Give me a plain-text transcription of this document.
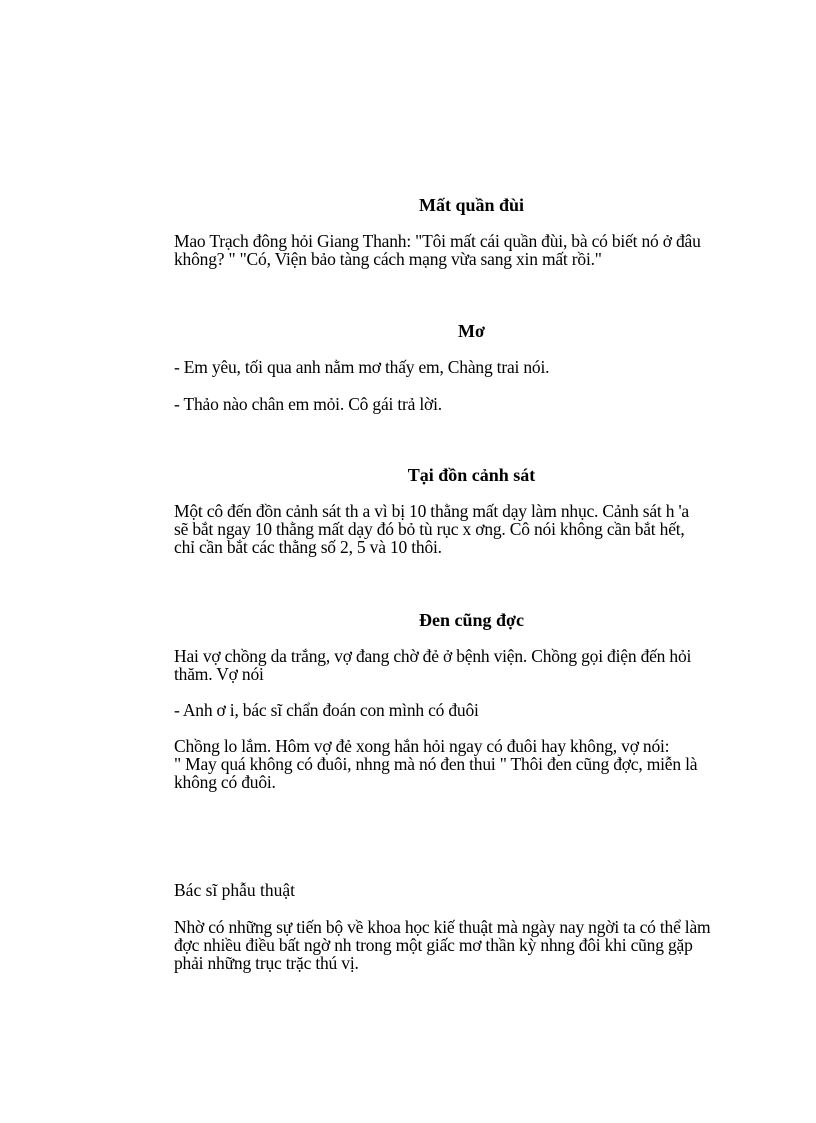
Mất quần đùi
Mao Trạch đông hỏi Giang Thanh: "Tôi mất cái quần đùi, bà có biết nó ở đâu
không? " "Có, Viện bảo tàng cách mạng vừa sang xin mất rồi."
Mơ
- Em yêu, tối qua anh nằm mơ thấy em, Chàng trai nói.
- Thảo nào chân em mỏi. Cô gái trả lời.
Tại đồn cảnh sát
Một cô đến đồn cảnh sát th a vì bị 10 thằng mất dạy làm nhục. Cảnh sát h 'a
sẽ bắt ngay 10 thằng mất dạy đó bỏ tù rục x ơng. Cô nói không cần bắt hết,
chỉ cần bắt các thằng số 2, 5 và 10 thôi.
Đen cũng đợc
Hai vợ chồng da trắng, vợ đang chờ đẻ ở bệnh viện. Chồng gọi điện đến hỏi
thăm. Vợ nói
- Anh ơ i, bác sĩ chẩn đoán con mình có đuôi
Chồng lo lắm. Hôm vợ đẻ xong hắn hỏi ngay có đuôi hay không, vợ nói:
" May quá không có đuôi, nhng mà nó đen thui " Thôi đen cũng đợc, miễn là
không có đuôi.
Bác sĩ phẫu thuật
Nhờ có những sự tiến bộ về khoa học kiế thuật mà ngày nay ngời ta có thể làm
đợc nhiều điều bất ngờ nh trong một giấc mơ thần kỳ nhng đôi khi cũng gặp
phải những trục trặc thú vị.
